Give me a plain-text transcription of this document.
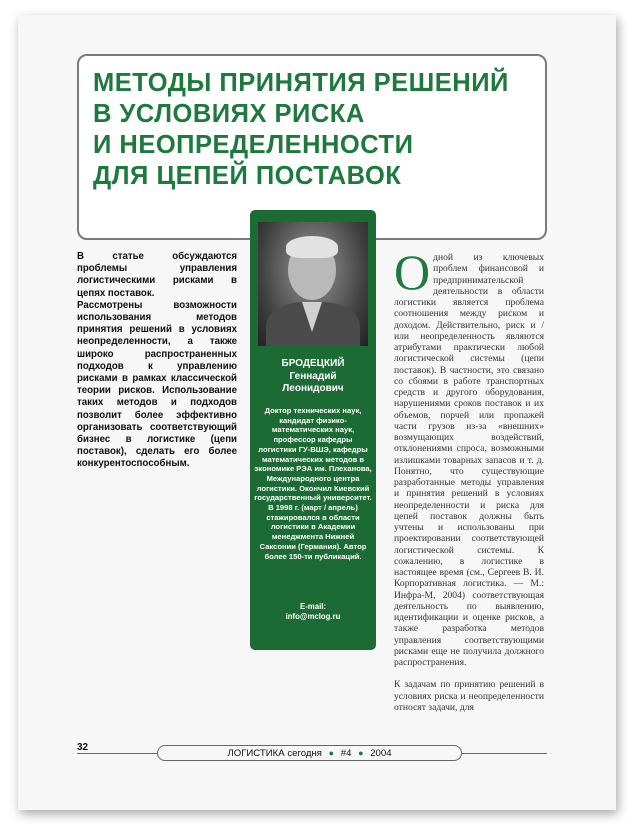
МЕТОДЫ ПРИНЯТИЯ РЕШЕНИЙ
В УСЛОВИЯХ РИСКА
И НЕОПРЕДЕЛЕННОСТИ
ДЛЯ ЦЕПЕЙ ПОСТАВОК

В статье обсуждаются проблемы управления логистическими рисками в цепях поставок.

Рассмотрены возможности использования методов принятия решений в условиях неопределенности, а также широко распространенных подходов к управлению рисками в рамках классической теории рисков. Использование таких методов и подходов позволит более эффективно организовать соответствующий бизнес в логистике (цепи поставок), сделать его более конкурентоспособным.

БРОДЕЦКИЙ
Геннадий
Леонидович
Доктор технических наук, кандидат физико-математических наук, профессор кафедры логистики ГУ-ВШЭ, кафедры математических методов в экономике РЭА им. Плеханова, Международного центра логистики. Окончил Киевский государственный университет. В 1998 г. (март / апрель) стажировался в области логистики в Академии менеджмента Нижней Саксонии (Германия). Автор более 150-ти публикаций.
E-mail:
info@mclog.ru

Одной из ключевых проблем финансовой и предпринимательской деятельности в области логистики является проблема соотношения между риском и доходом. Действительно, риск и / или неопределенность являются атрибутами практически любой логистической системы (цепи поставок). В частности, это связано со сбоями в работе транспортных средств и другого оборудования, нарушениями сроков поставок и их объемов, порчей или пропажей части грузов из-за «внешних» возмущающих воздействий, отклонениями спроса, возможными излишками товарных запасов и т. д. Понятно, что существующие разработанные методы управления и принятия решений в условиях неопределенности и риска для цепей поставок должны быть учтены и использованы при проектировании соответствующей логистической системы. К сожалению, в логистике в настоящее время (см., Сергеев В. И. Корпоративная логистика. — М.: Инфра-М, 2004) соответствующая деятельность по выявлению, идентификации и оценке рисков, а также разработка методов управления соответствующими рисками еще не получила должного распространения.

К задачам по принятию решений в условиях риска и неопределенности относят задачи, для

32
ЛОГИСТИКА сегодня ● #4 ● 2004
